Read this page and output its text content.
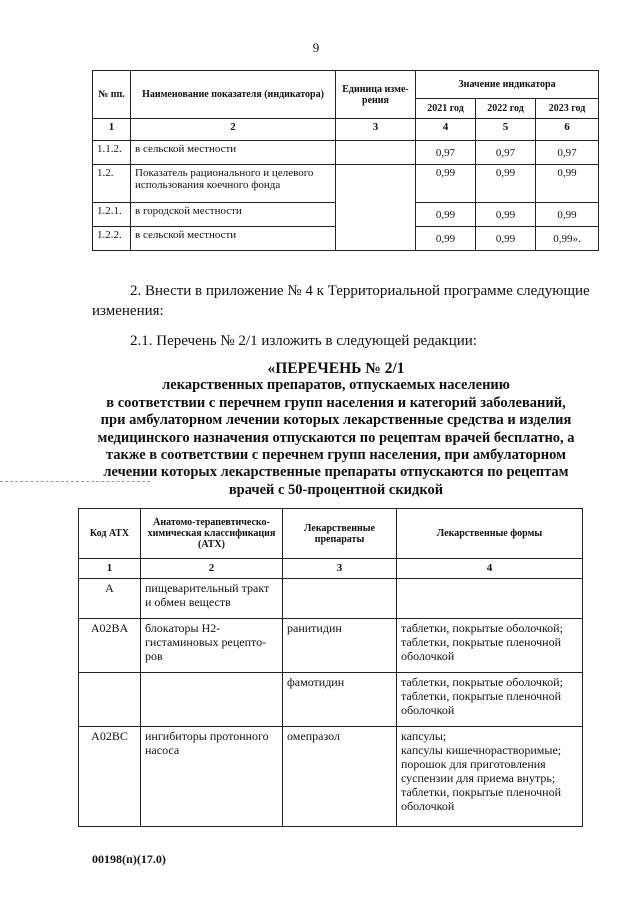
9
№ пп.	Наименование показателя (индикатора)	Единица изме-рения	Значение индикатора		
			2021 год	2022 год	2023 год
1	2	3	4	5	6
1.1.2.	в сельской местности		0,97	0,97	0,97
1.2.	Показатель рационального и целевого использования коечного фонда		0,99	0,99	0,99
1.2.1.	в городской местности		0,99	0,99	0,99
1.2.2.	в сельской местности		0,99	0,99	0,99».
2. Внести в приложение № 4 к Территориальной программе следующие
изменения:
2.1. Перечень № 2/1 изложить в следующей редакции:
«ПЕРЕЧЕНЬ № 2/1
лекарственных препаратов, отпускаемых населению
в соответствии с перечнем групп населения и категорий заболеваний,
при амбулаторном лечении которых лекарственные средства и изделия
медицинского назначения отпускаются по рецептам врачей бесплатно, а
также в соответствии с перечнем групп населения, при амбулаторном
лечении которых лекарственные препараты отпускаются по рецептам
врачей с 50-процентной скидкой
Код АТХ	Анатомо-терапевтическо-химическая классификация (АТХ)	Лекарственные препараты	Лекарственные формы
1	2	3	4
А	пищеварительный тракт и обмен веществ		
A02BA	блокаторы Н2-гистаминовых рецепто-ров	ранитидин	таблетки, покрытые оболочкой; таблетки, покрытые пленочной оболочкой
		фамотидин	таблетки, покрытые оболочкой; таблетки, покрытые пленочной оболочкой
A02BC	ингибиторы протонного насоса	омепразол	капсулы;
капсулы кишечнорастворимые;
порошок для приготовления суспензии для приема внутрь;
таблетки, покрытые пленочной оболочкой
00198(п)(17.0)
